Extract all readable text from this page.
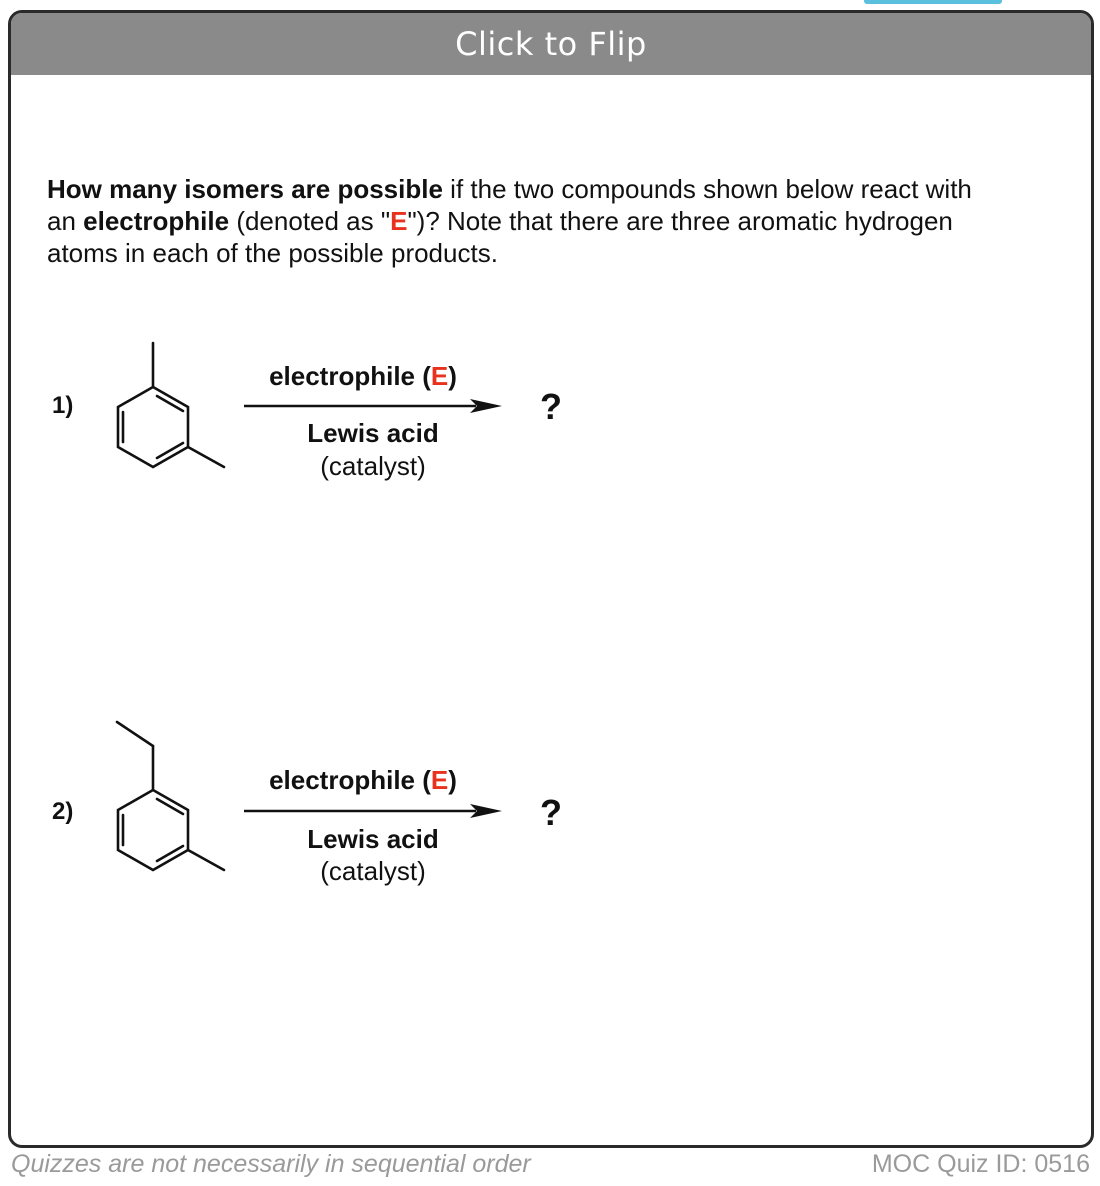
Click to Flip
How many isomers are possible if the two compounds shown below react with an electrophile (denoted as "E")? Note that there are three aromatic hydrogen atoms in each of the possible products.
1)
electrophile (E)
Lewis acid
(catalyst)
?
2)
electrophile (E)
Lewis acid
(catalyst)
?
Quizzes are not necessarily in sequential order	MOC Quiz ID: 0516
